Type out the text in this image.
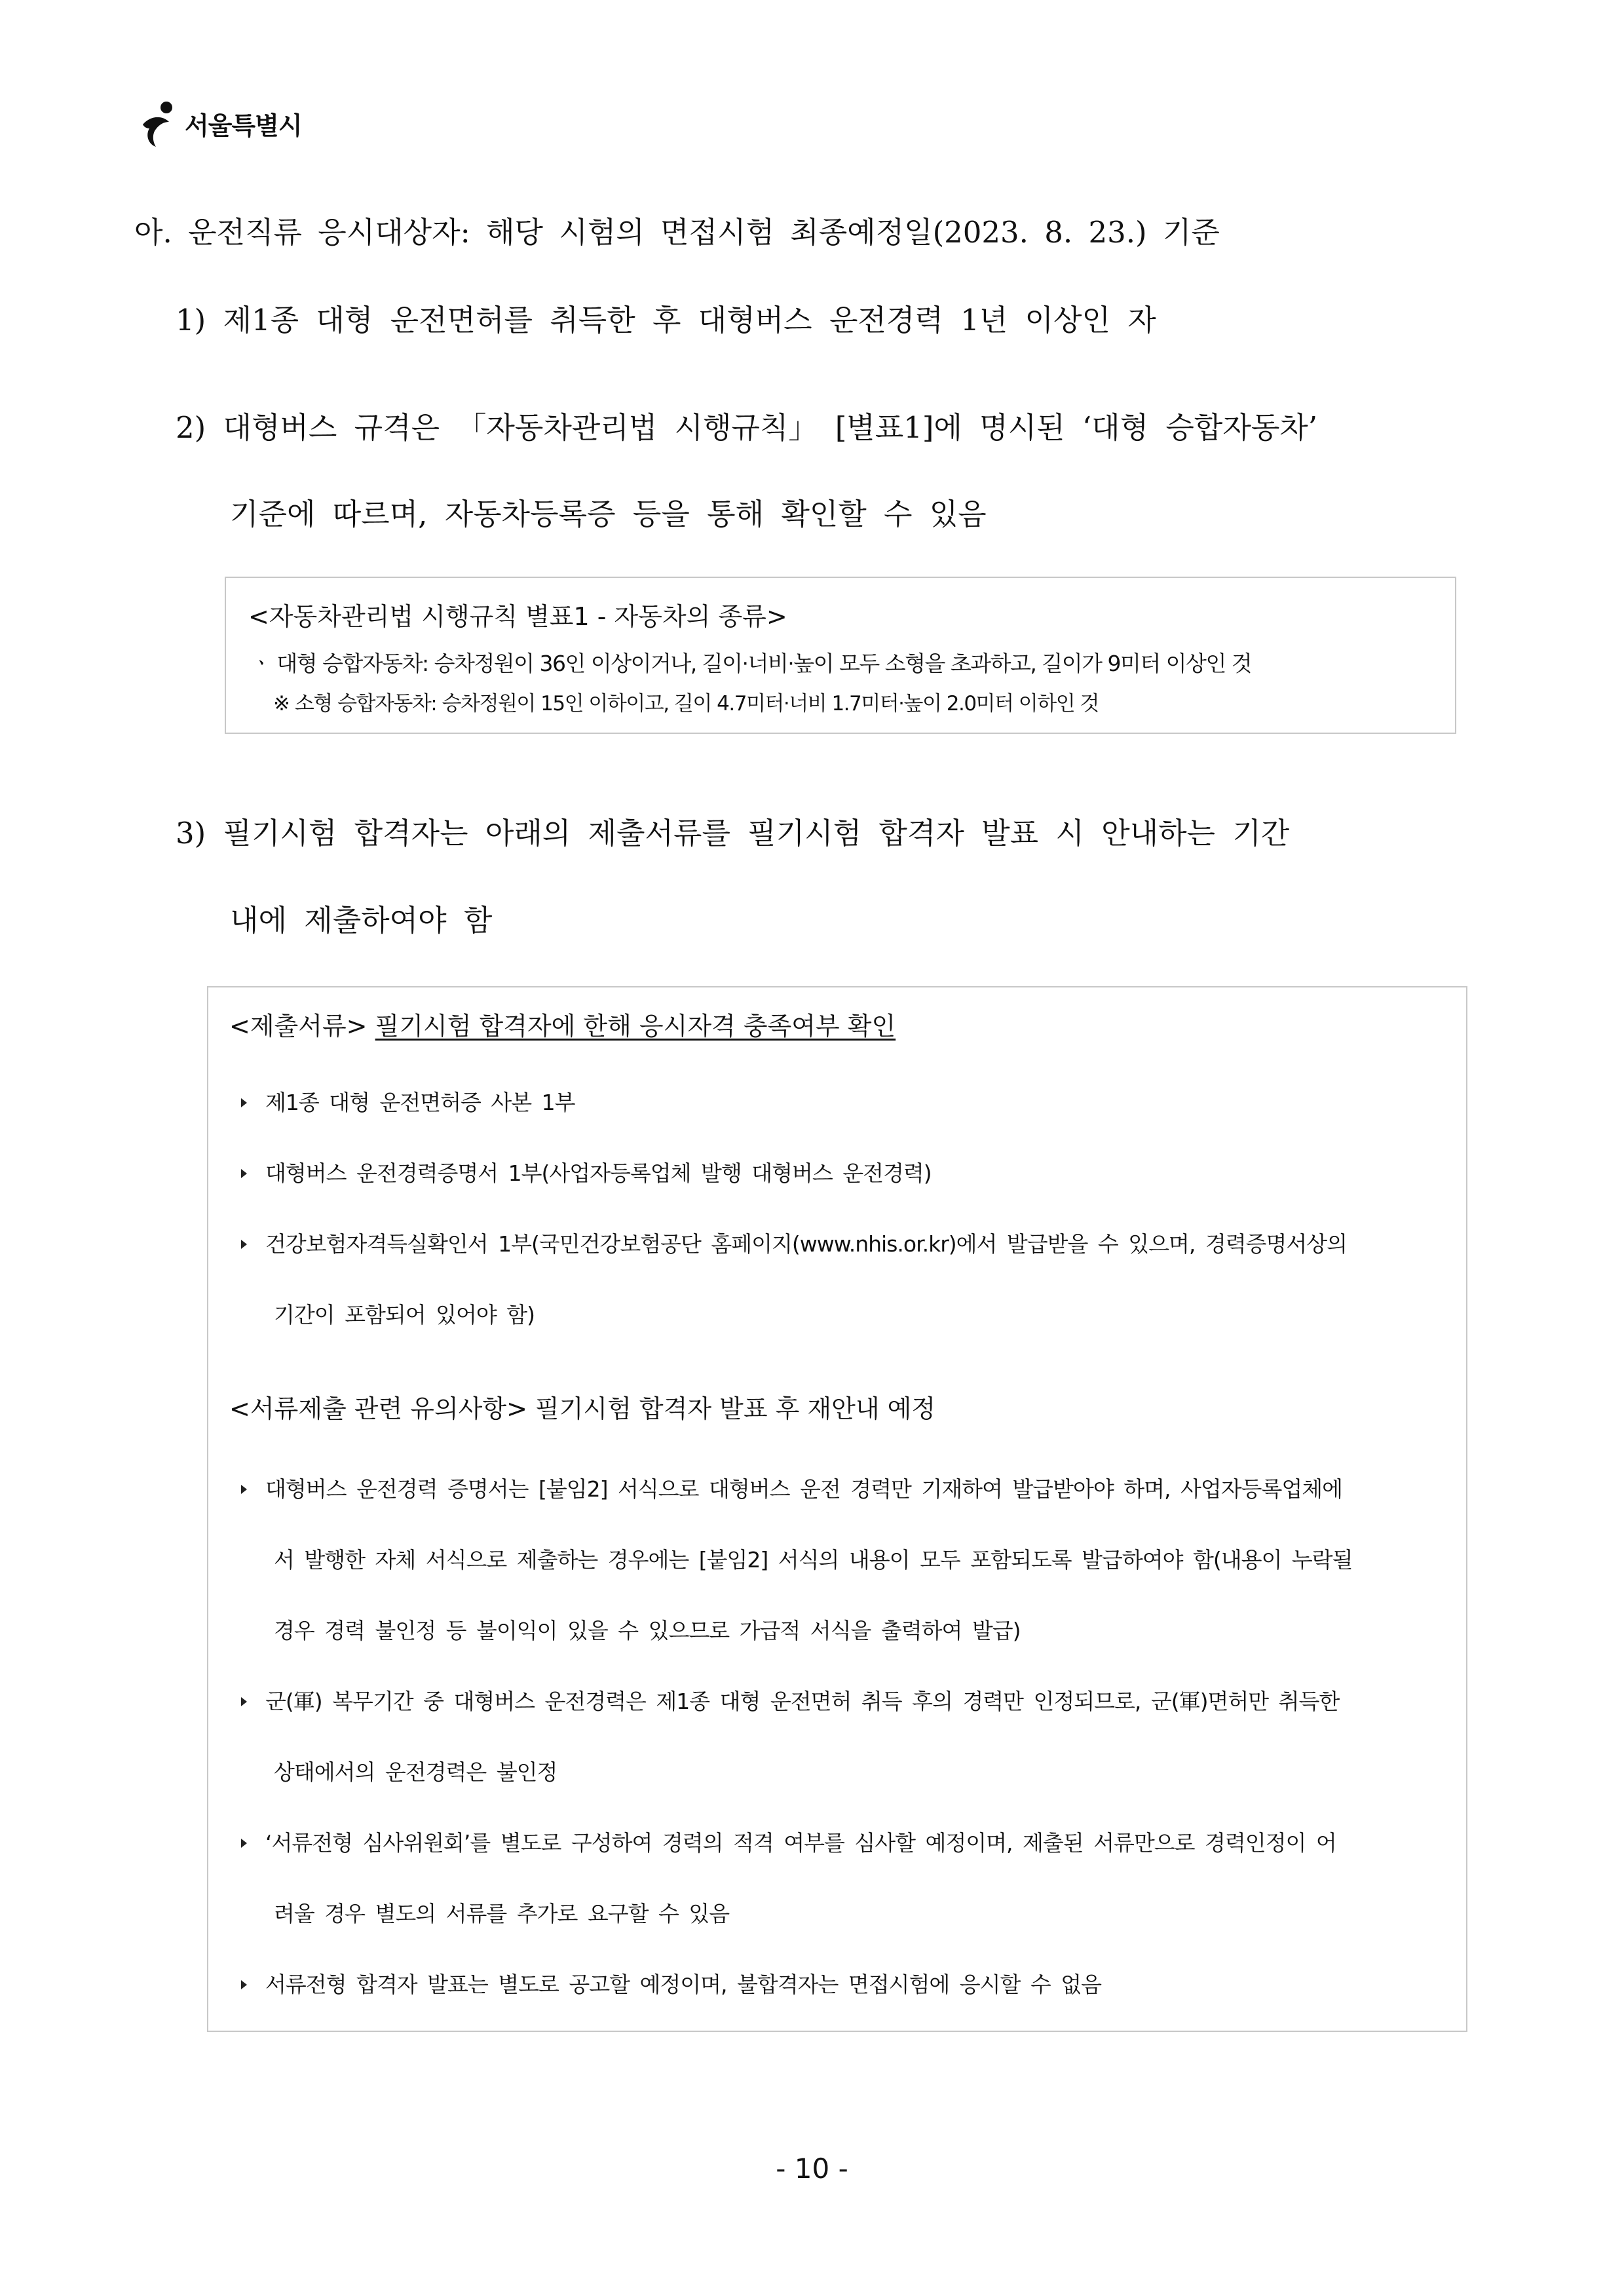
서울특별시
아. 운전직류 응시대상자: 해당 시험의 면접시험 최종예정일(2023. 8. 23.) 기준
1) 제1종 대형 운전면허를 취득한 후 대형버스 운전경력 1년 이상인 자
2) 대형버스 규격은 「자동차관리법 시행규칙」 [별표1]에 명시된 ‘대형 승합자동차’
기준에 따르며, 자동차등록증 등을 통해 확인할 수 있음
<자동차관리법 시행규칙 별표1 - 자동차의 종류>
ㆍ 대형 승합자동차: 승차정원이 36인 이상이거나, 길이·너비·높이 모두 소형을 초과하고, 길이가 9미터 이상인 것
※ 소형 승합자동차: 승차정원이 15인 이하이고, 길이 4.7미터·너비 1.7미터·높이 2.0미터 이하인 것
3) 필기시험 합격자는 아래의 제출서류를 필기시험 합격자 발표 시 안내하는 기간
내에 제출하여야 함
<제출서류> 필기시험 합격자에 한해 응시자격 충족여부 확인
제1종 대형 운전면허증 사본 1부
대형버스 운전경력증명서 1부(사업자등록업체 발행 대형버스 운전경력)
건강보험자격득실확인서 1부(국민건강보험공단 홈페이지(www.nhis.or.kr)에서 발급받을 수 있으며, 경력증명서상의
기간이 포함되어 있어야 함)
<서류제출 관련 유의사항> 필기시험 합격자 발표 후 재안내 예정
대형버스 운전경력 증명서는 [붙임2] 서식으로 대형버스 운전 경력만 기재하여 발급받아야 하며, 사업자등록업체에
서 발행한 자체 서식으로 제출하는 경우에는 [붙임2] 서식의 내용이 모두 포함되도록 발급하여야 함(내용이 누락될
경우 경력 불인정 등 불이익이 있을 수 있으므로 가급적 서식을 출력하여 발급)
군(軍) 복무기간 중 대형버스 운전경력은 제1종 대형 운전면허 취득 후의 경력만 인정되므로, 군(軍)면허만 취득한
상태에서의 운전경력은 불인정
‘서류전형 심사위원회’를 별도로 구성하여 경력의 적격 여부를 심사할 예정이며, 제출된 서류만으로 경력인정이 어
려울 경우 별도의 서류를 추가로 요구할 수 있음
서류전형 합격자 발표는 별도로 공고할 예정이며, 불합격자는 면접시험에 응시할 수 없음
- 10 -
